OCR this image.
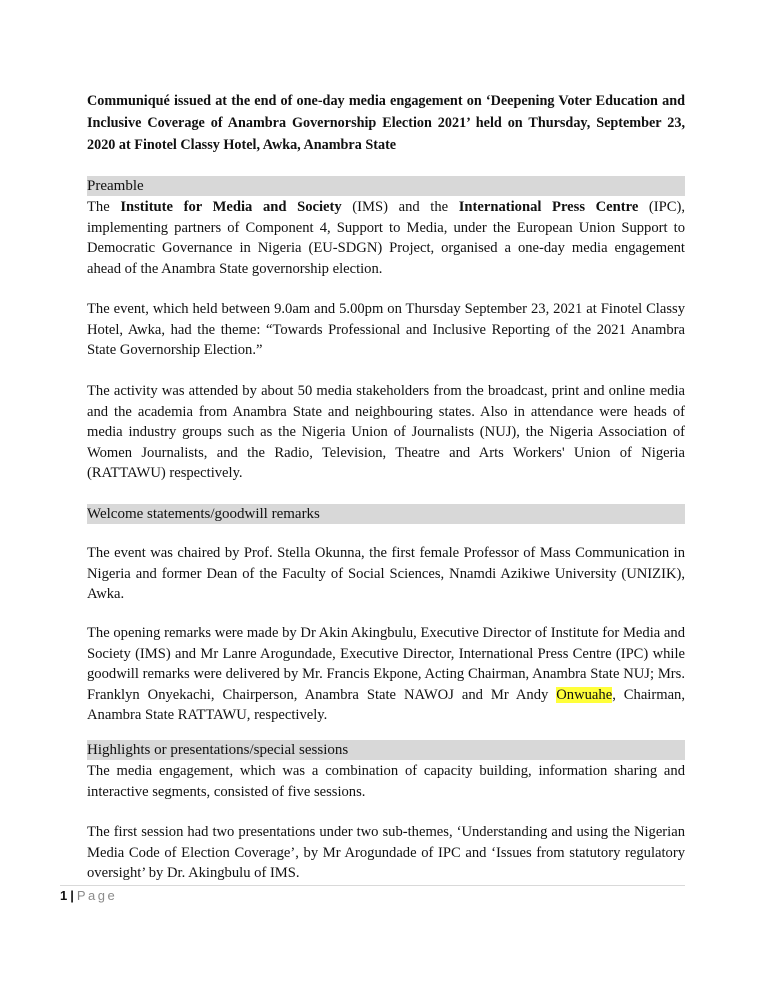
Communiqué issued at the end of one-day media engagement on ‘Deepening Voter Education and Inclusive Coverage of Anambra Governorship Election 2021’ held on Thursday, September 23, 2020 at Finotel Classy Hotel, Awka, Anambra State
Preamble
The Institute for Media and Society (IMS) and the International Press Centre (IPC), implementing partners of Component 4, Support to Media, under the European Union Support to Democratic Governance in Nigeria (EU-SDGN) Project, organised a one-day media engagement ahead of the Anambra State governorship election.
The event, which held between 9.0am and 5.00pm on Thursday September 23, 2021 at Finotel Classy Hotel, Awka, had the theme: “Towards Professional and Inclusive Reporting of the 2021 Anambra State Governorship Election.”
The activity was attended by about 50 media stakeholders from the broadcast, print and online media and the academia from Anambra State and neighbouring states. Also in attendance were heads of media industry groups such as the Nigeria Union of Journalists (NUJ), the Nigeria Association of Women Journalists, and the Radio, Television, Theatre and Arts Workers' Union of Nigeria (RATTAWU) respectively.
Welcome statements/goodwill remarks
The event was chaired by Prof. Stella Okunna, the first female Professor of Mass Communication in Nigeria and former Dean of the Faculty of Social Sciences, Nnamdi Azikiwe University (UNIZIK), Awka.
The opening remarks were made by Dr Akin Akingbulu, Executive Director of Institute for Media and Society (IMS) and Mr Lanre Arogundade, Executive Director, International Press Centre (IPC) while goodwill remarks were delivered by Mr. Francis Ekpone, Acting Chairman, Anambra State NUJ; Mrs. Franklyn Onyekachi, Chairperson, Anambra State NAWOJ and Mr Andy Onwuahe, Chairman, Anambra State RATTAWU, respectively.
Highlights or presentations/special sessions
The media engagement, which was a combination of capacity building, information sharing and interactive segments, consisted of five sessions.
The first session had two presentations under two sub-themes, ‘Understanding and using the Nigerian Media Code of Election Coverage’, by Mr Arogundade of IPC and ‘Issues from statutory regulatory oversight’ by Dr. Akingbulu of IMS.
1 | Page
